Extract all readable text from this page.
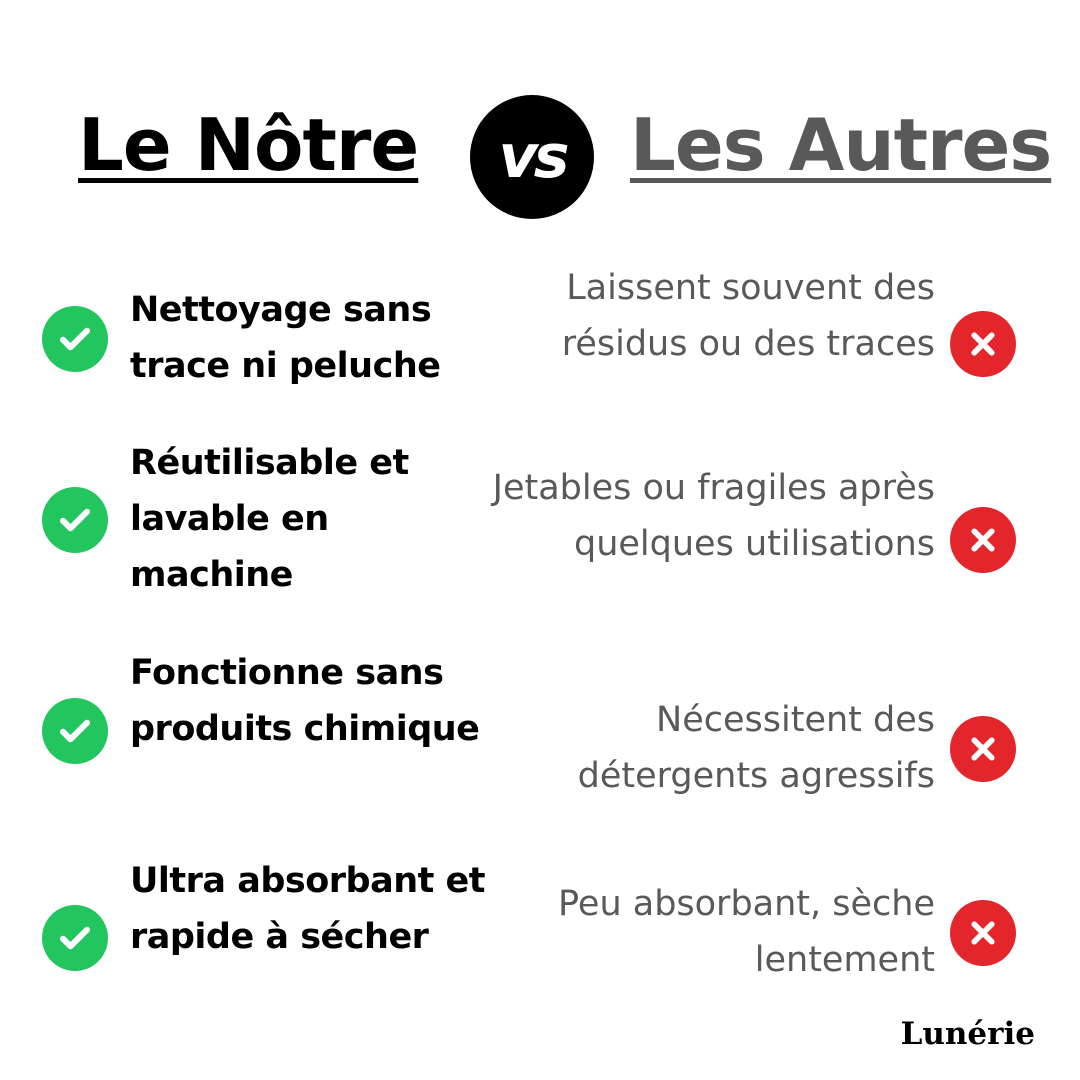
Le Nôtre	vs Les Autres
Nettoyage sans trace ni peluche
Laissent souvent des résidus ou des traces
Réutilisable et lavable en machine
Jetables ou fragiles après quelques utilisations
Fonctionne sans produits chimique	Nécessitent des détergents agressifs
Ultra absorbant et rapide à sécher
Peu absorbant, sèche lentement
Lunérie
